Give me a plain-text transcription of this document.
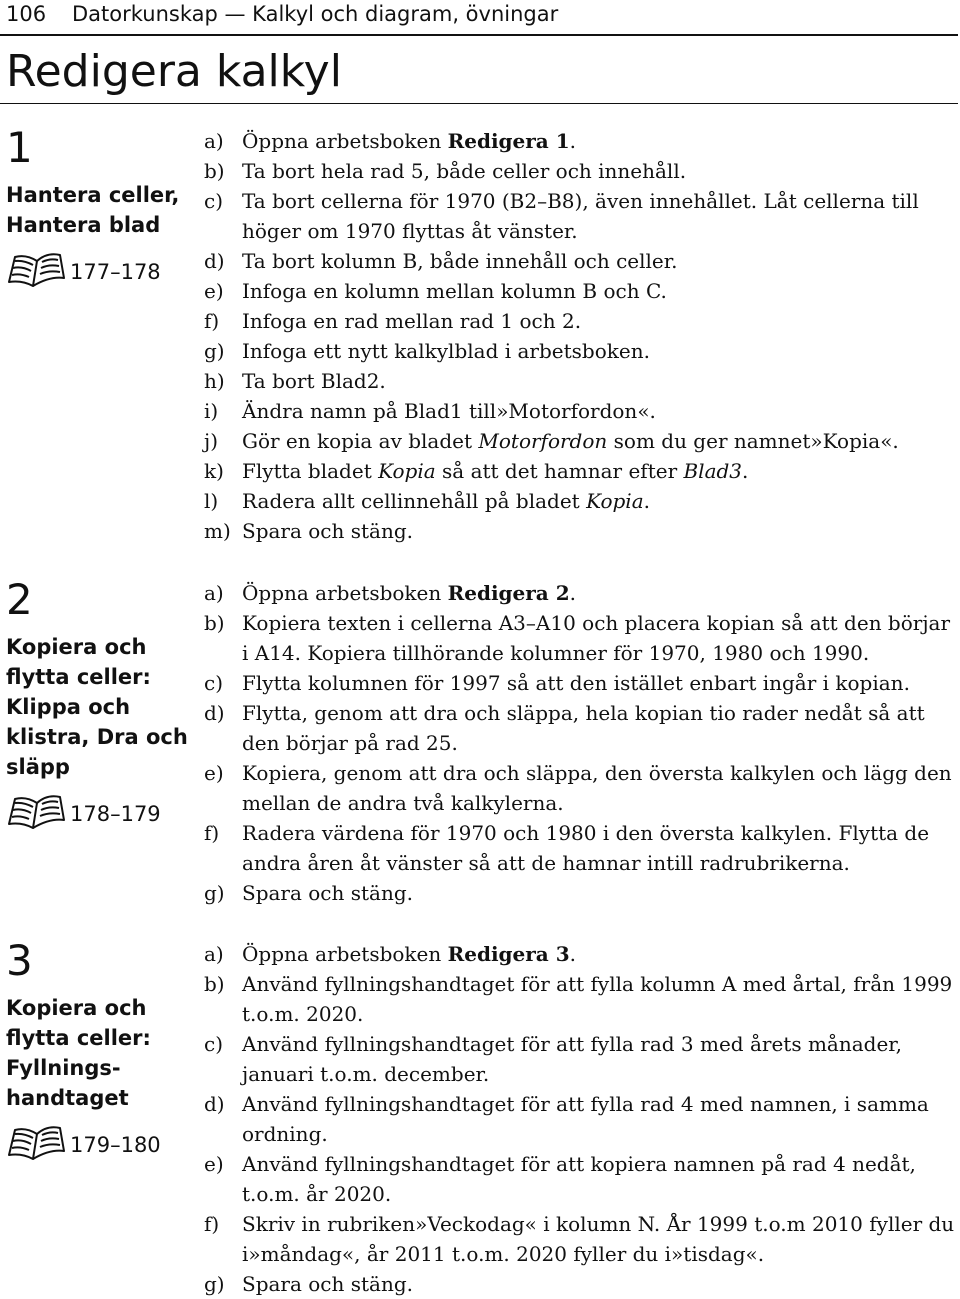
106 Datorkunskap — Kalkyl och diagram, övningar
Redigera kalkyl
1
Hantera celler,
Hantera blad
177–178
a) Öppna arbetsboken Redigera 1.
b) Ta bort hela rad 5, både celler och innehåll.
c) Ta bort cellerna för 1970 (B2–B8), även innehållet. Låt cellerna till höger om 1970 flyttas åt vänster.
d) Ta bort kolumn B, både innehåll och celler.
e) Infoga en kolumn mellan kolumn B och C.
f) Infoga en rad mellan rad 1 och 2.
g) Infoga ett nytt kalkylblad i arbetsboken.
h) Ta bort Blad2.
i) Ändra namn på Blad1 till»Motorfordon«.
j) Gör en kopia av bladet Motorfordon som du ger namnet»Kopia«.
k) Flytta bladet Kopia så att det hamnar efter Blad3.
l) Radera allt cellinnehåll på bladet Kopia.
m) Spara och stäng.
2
Kopiera och
flytta celler:
Klippa och
klistra, Dra och
släpp
178–179
a) Öppna arbetsboken Redigera 2.
b) Kopiera texten i cellerna A3–A10 och placera kopian så att den börjar i A14. Kopiera tillhörande kolumner för 1970, 1980 och 1990.
c) Flytta kolumnen för 1997 så att den istället enbart ingår i kopian.
d) Flytta, genom att dra och släppa, hela kopian tio rader nedåt så att den börjar på rad 25.
e) Kopiera, genom att dra och släppa, den översta kalkylen och lägg den mellan de andra två kalkylerna.
f) Radera värdena för 1970 och 1980 i den översta kalkylen. Flytta de andra åren åt vänster så att de hamnar intill radrubrikerna.
g) Spara och stäng.
3
Kopiera och
flytta celler:
Fyllnings-
handtaget
179–180
a) Öppna arbetsboken Redigera 3.
b) Använd fyllningshandtaget för att fylla kolumn A med årtal, från 1999 t.o.m. 2020.
c) Använd fyllningshandtaget för att fylla rad 3 med årets månader, januari t.o.m. december.
d) Använd fyllningshandtaget för att fylla rad 4 med namnen, i samma ordning.
e) Använd fyllningshandtaget för att kopiera namnen på rad 4 nedåt, t.o.m. år 2020.
f) Skriv in rubriken»Veckodag« i kolumn N. År 1999 t.o.m 2010 fyller du i»måndag«, år 2011 t.o.m. 2020 fyller du i»tisdag«.
g) Spara och stäng.
